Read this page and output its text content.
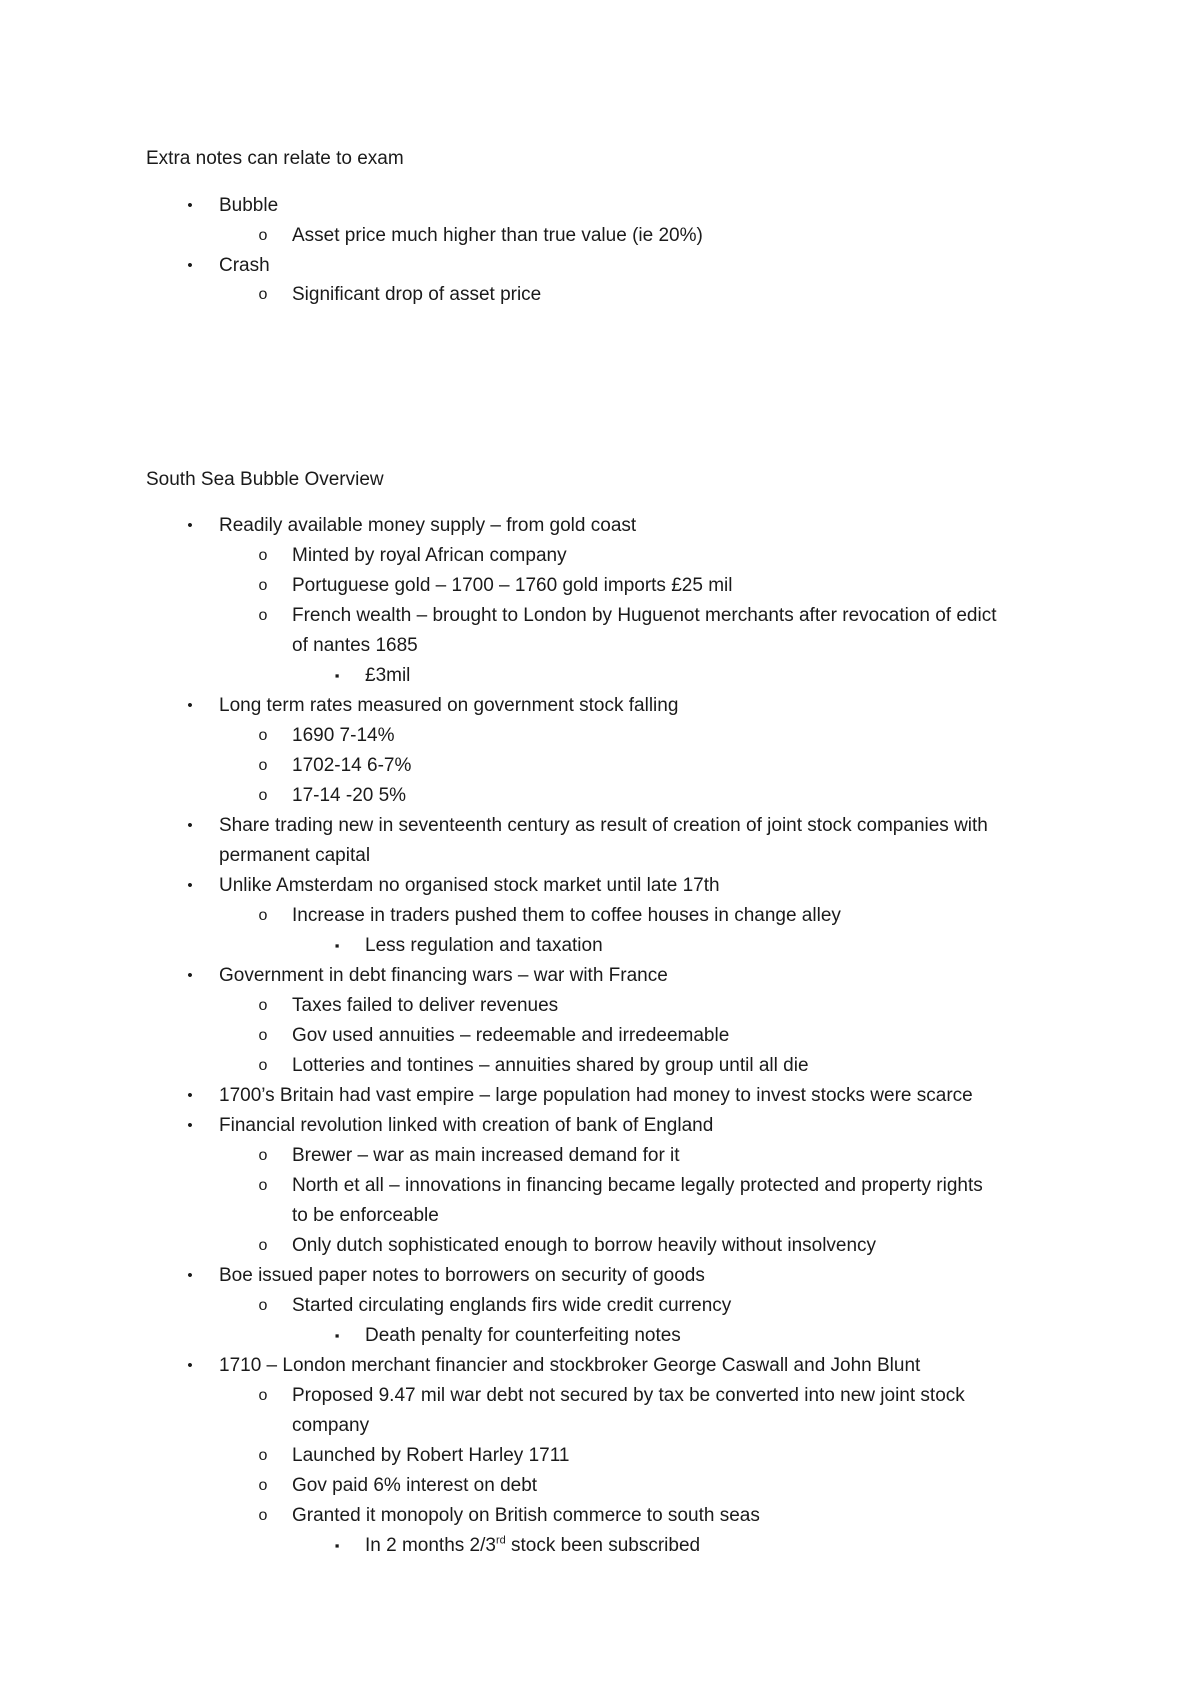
Extra notes can relate to exam
South Sea Bubble Overview
•	Bubble
o	Asset price much higher than true value (ie 20%)
•	Crash
o	Significant drop of asset price
•	Readily available money supply – from gold coast
o	Minted by royal African company
o	Portuguese gold – 1700 – 1760 gold imports £25 mil
o	French wealth – brought to London by Huguenot merchants after revocation of edict
of nantes 1685
▪	£3mil
•	Long term rates measured on government stock falling
o	1690 7-14%
o	1702-14 6-7%
o	17-14 -20 5%
•	Share trading new in seventeenth century as result of creation of joint stock companies with
permanent capital
•	Unlike Amsterdam no organised stock market until late 17th
o	Increase in traders pushed them to coffee houses in change alley
▪	Less regulation and taxation
•	Government in debt financing wars – war with France
o	Taxes failed to deliver revenues
o	Gov used annuities – redeemable and irredeemable
o	Lotteries and tontines – annuities shared by group until all die
•	1700’s Britain had vast empire – large population had money to invest stocks were scarce
•	Financial revolution linked with creation of bank of England
o	Brewer – war as main increased demand for it
o	North et all – innovations in financing became legally protected and property rights
to be enforceable
o	Only dutch sophisticated enough to borrow heavily without insolvency
•	Boe issued paper notes to borrowers on security of goods
o	Started circulating englands firs wide credit currency
▪	Death penalty for counterfeiting notes
•	1710 – London merchant financier and stockbroker George Caswall and John Blunt
o	Proposed 9.47 mil war debt not secured by tax be converted into new joint stock
company
o	Launched by Robert Harley 1711
o	Gov paid 6% interest on debt
o	Granted it monopoly on British commerce to south seas
▪	In 2 months 2/3rd stock been subscribed
